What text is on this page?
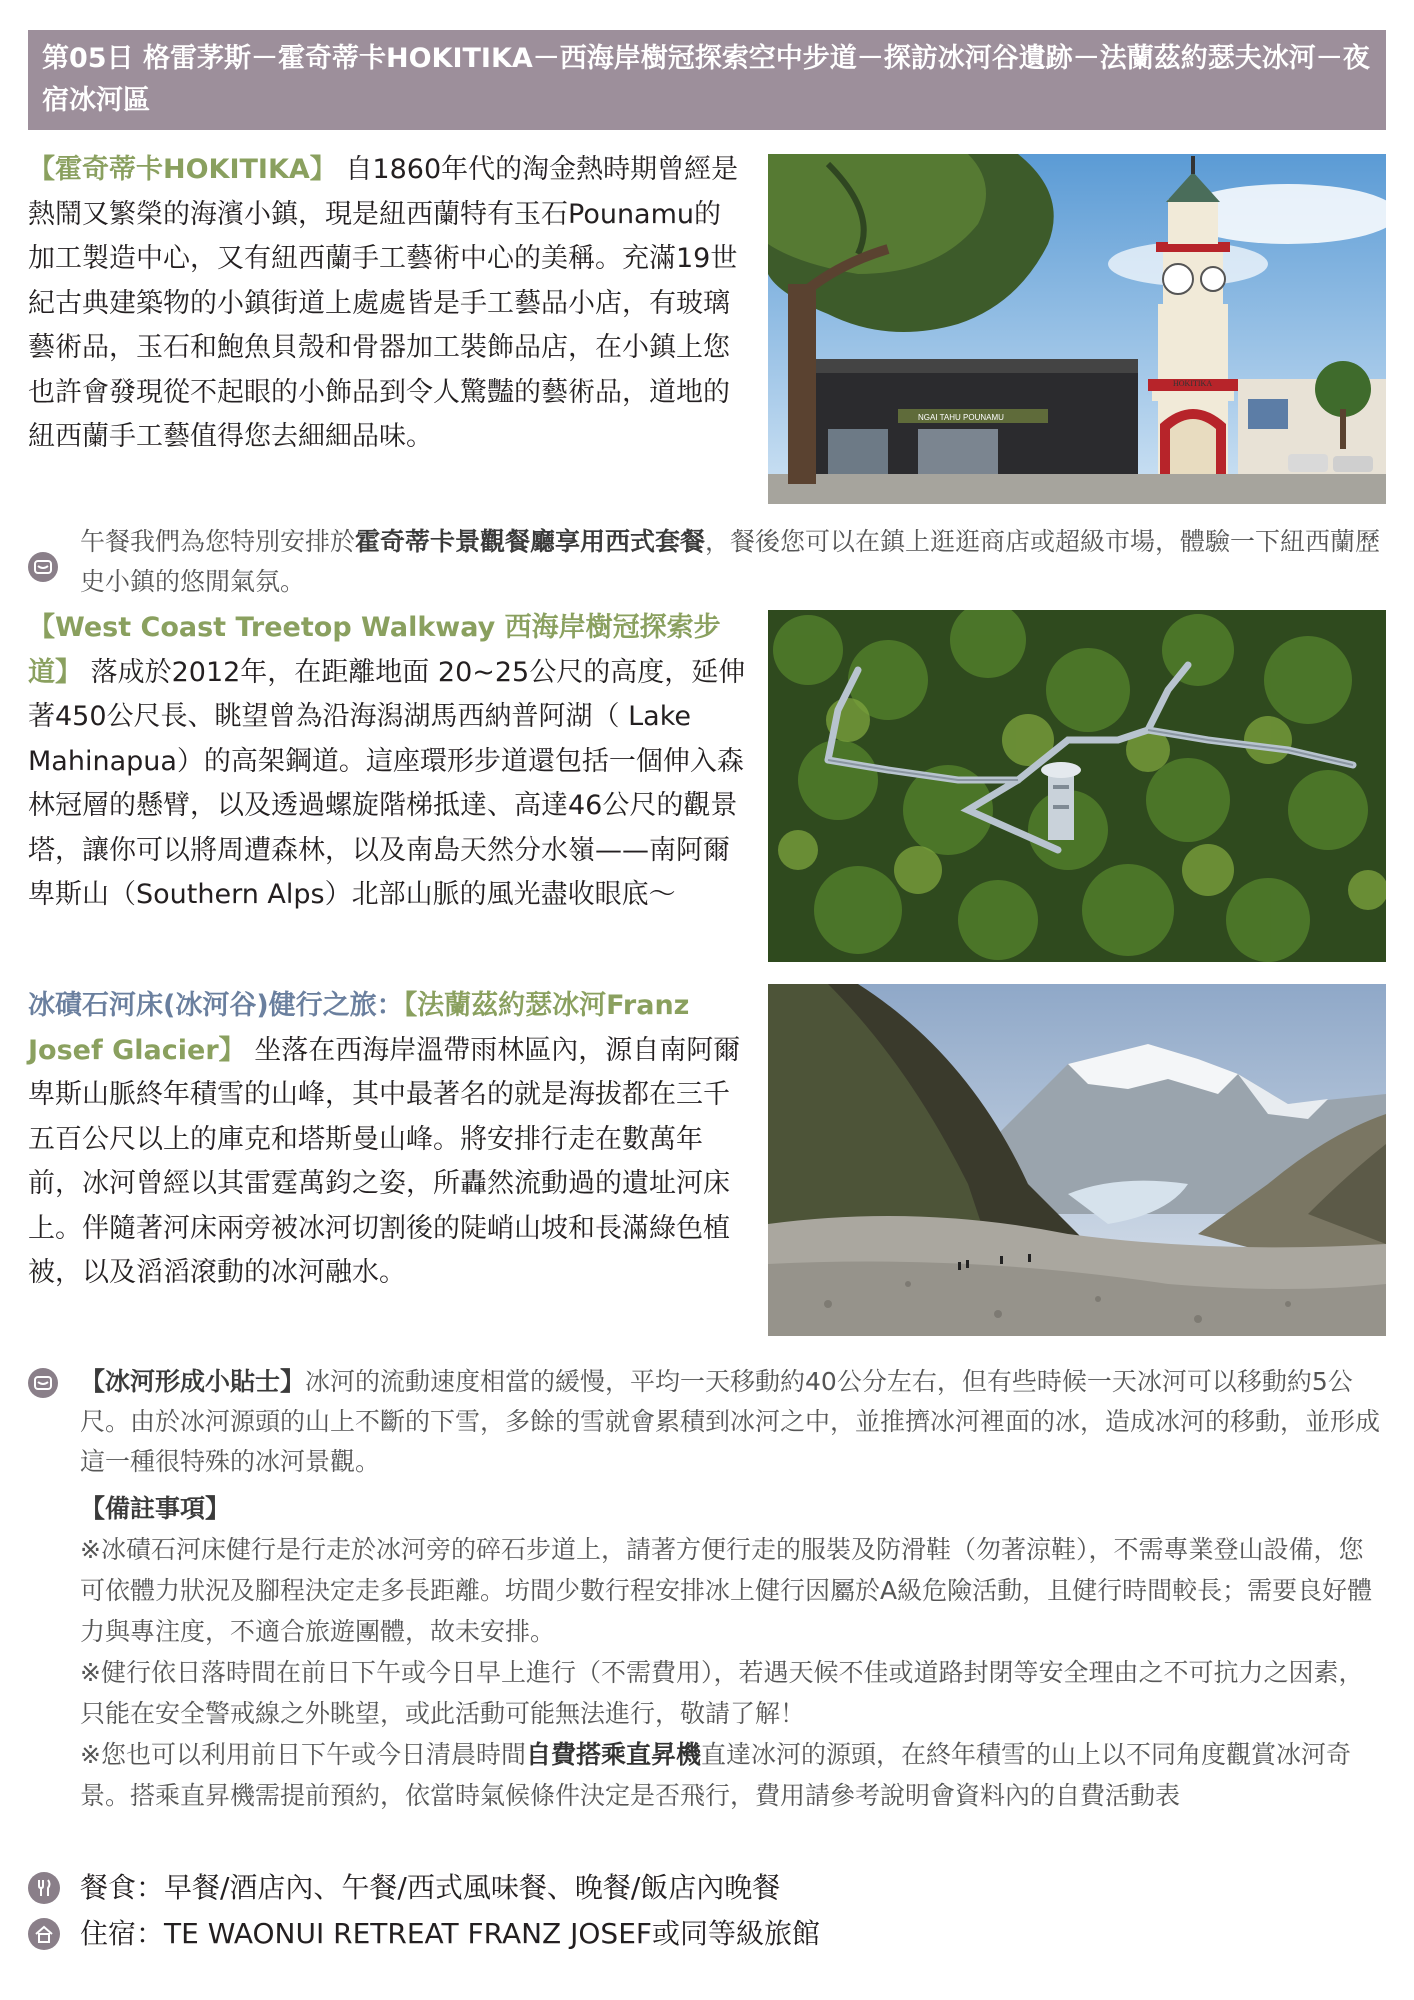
第05日 格雷茅斯－霍奇蒂卡HOKITIKA－西海岸樹冠探索空中步道－探訪冰河谷遺跡－法蘭茲約瑟夫冰河－夜宿冰河區
【霍奇蒂卡HOKITIKA】 自1860年代的淘金熱時期曾經是熱鬧又繁榮的海濱小鎮，現是紐西蘭特有玉石Pounamu的加工製造中心，又有紐西蘭手工藝術中心的美稱。充滿19世紀古典建築物的小鎮街道上處處皆是手工藝品小店，有玻璃藝術品，玉石和鮑魚貝殼和骨器加工裝飾品店，在小鎮上您也許會發現從不起眼的小飾品到令人驚豔的藝術品，道地的紐西蘭手工藝值得您去細細品味。
NGAI TAHU POUNAMU
HOKITIKA
午餐我們為您特別安排於霍奇蒂卡景觀餐廳享用西式套餐，餐後您可以在鎮上逛逛商店或超級市場，體驗一下紐西蘭歷史小鎮的悠閒氣氛。
【West Coast Treetop Walkway 西海岸樹冠探索步道】 落成於2012年，在距離地面 20~25公尺的高度，延伸著450公尺長、眺望曾為沿海潟湖馬西納普阿湖（ Lake Mahinapua）的高架鋼道。這座環形步道還包括一個伸入森林冠層的懸臂，以及透過螺旋階梯抵達、高達46公尺的觀景塔，讓你可以將周遭森林，以及南島天然分水嶺——南阿爾卑斯山（Southern Alps）北部山脈的風光盡收眼底～
冰磧石河床(冰河谷)健行之旅：【法蘭茲約瑟冰河Franz Josef Glacier】 坐落在西海岸溫帶雨林區內，源自南阿爾卑斯山脈終年積雪的山峰，其中最著名的就是海拔都在三千五百公尺以上的庫克和塔斯曼山峰。將安排行走在數萬年前，冰河曾經以其雷霆萬鈞之姿，所轟然流動過的遺址河床上。伴隨著河床兩旁被冰河切割後的陡峭山坡和長滿綠色植被，以及滔滔滾動的冰河融水。
【冰河形成小貼士】冰河的流動速度相當的緩慢，平均一天移動約40公分左右，但有些時候一天冰河可以移動約5公尺。由於冰河源頭的山上不斷的下雪，多餘的雪就會累積到冰河之中，並推擠冰河裡面的冰，造成冰河的移動，並形成這一種很特殊的冰河景觀。
【備註事項】
※冰磧石河床健行是行走於冰河旁的碎石步道上，請著方便行走的服裝及防滑鞋（勿著涼鞋），不需專業登山設備，您可依體力狀況及腳程決定走多長距離。坊間少數行程安排冰上健行因屬於A級危險活動，且健行時間較長；需要良好體力與專注度，不適合旅遊團體，故未安排。
※健行依日落時間在前日下午或今日早上進行（不需費用），若遇天候不佳或道路封閉等安全理由之不可抗力之因素，只能在安全警戒線之外眺望，或此活動可能無法進行，敬請了解！
※您也可以利用前日下午或今日清晨時間自費搭乘直昇機直達冰河的源頭，在終年積雪的山上以不同角度觀賞冰河奇景。搭乘直昇機需提前預約，依當時氣候條件決定是否飛行，費用請參考說明會資料內的自費活動表
餐食：早餐/酒店內、午餐/西式風味餐、晚餐/飯店內晚餐
住宿：TE WAONUI RETREAT FRANZ JOSEF或同等級旅館
